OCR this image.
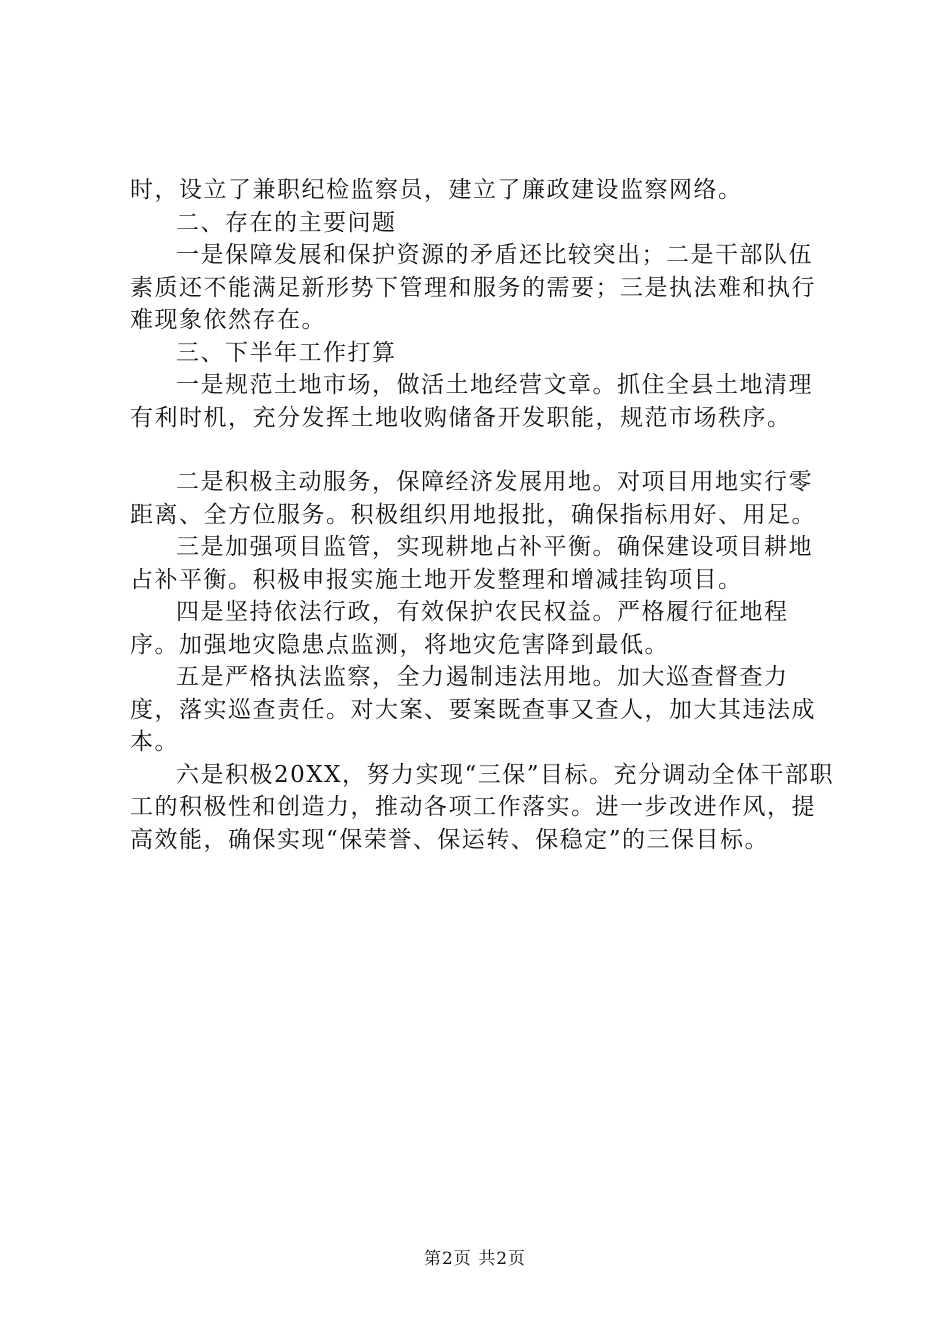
时，设立了兼职纪检监察员，建立了廉政建设监察网络。

二、存在的主要问题

一是保障发展和保护资源的矛盾还比较突出；二是干部队伍素质还不能满足新形势下管理和服务的需要；三是执法难和执行难现象依然存在。

三、下半年工作打算

一是规范土地市场，做活土地经营文章。抓住全县土地清理有利时机，充分发挥土地收购储备开发职能，规范市场秩序。

二是积极主动服务，保障经济发展用地。对项目用地实行零距离、全方位服务。积极组织用地报批，确保指标用好、用足。

三是加强项目监管，实现耕地占补平衡。确保建设项目耕地占补平衡。积极申报实施土地开发整理和增减挂钩项目。

四是坚持依法行政，有效保护农民权益。严格履行征地程序。加强地灾隐患点监测，将地灾危害降到最低。

五是严格执法监察，全力遏制违法用地。加大巡查督查力度，落实巡查责任。对大案、要案既查事又查人，加大其违法成本。

六是积极20XX，努力实现“三保”目标。充分调动全体干部职工的积极性和创造力，推动各项工作落实。进一步改进作风，提高效能，确保实现“保荣誉、保运转、保稳定”的三保目标。

第2页 共2页
